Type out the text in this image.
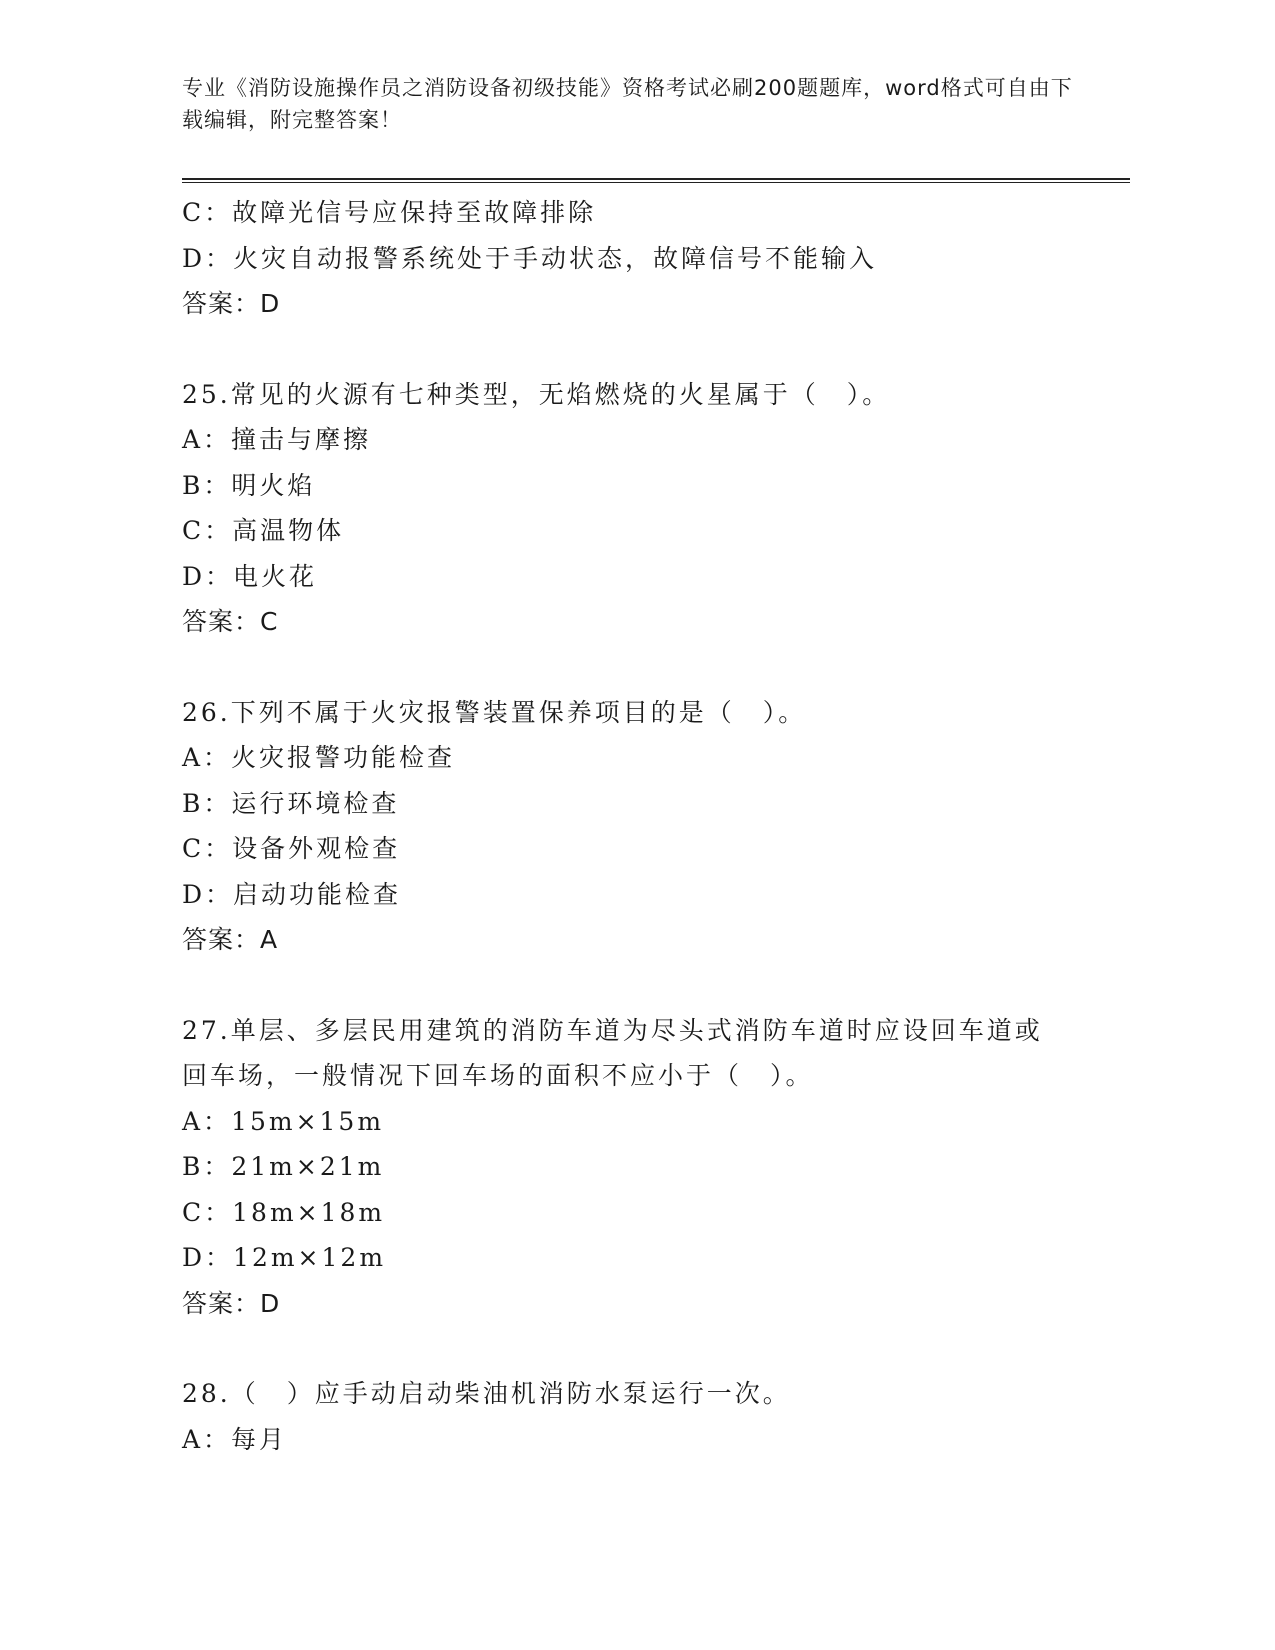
专业《消防设施操作员之消防设备初级技能》资格考试必刷200题题库，word格式可自由下载编辑，附完整答案！
C：故障光信号应保持至故障排除
D：火灾自动报警系统处于手动状态，故障信号不能输入
答案：D
25.常见的火源有七种类型，无焰燃烧的火星属于（　）。
A：撞击与摩擦
B：明火焰
C：高温物体
D：电火花
答案：C
26.下列不属于火灾报警装置保养项目的是（　）。
A：火灾报警功能检查
B：运行环境检查
C：设备外观检查
D：启动功能检查
答案：A
27.单层、多层民用建筑的消防车道为尽头式消防车道时应设回车道或
回车场，一般情况下回车场的面积不应小于（　）。
A：15m×15m
B：21m×21m
C：18m×18m
D：12m×12m
答案：D
28.（　）应手动启动柴油机消防水泵运行一次。
A：每月
